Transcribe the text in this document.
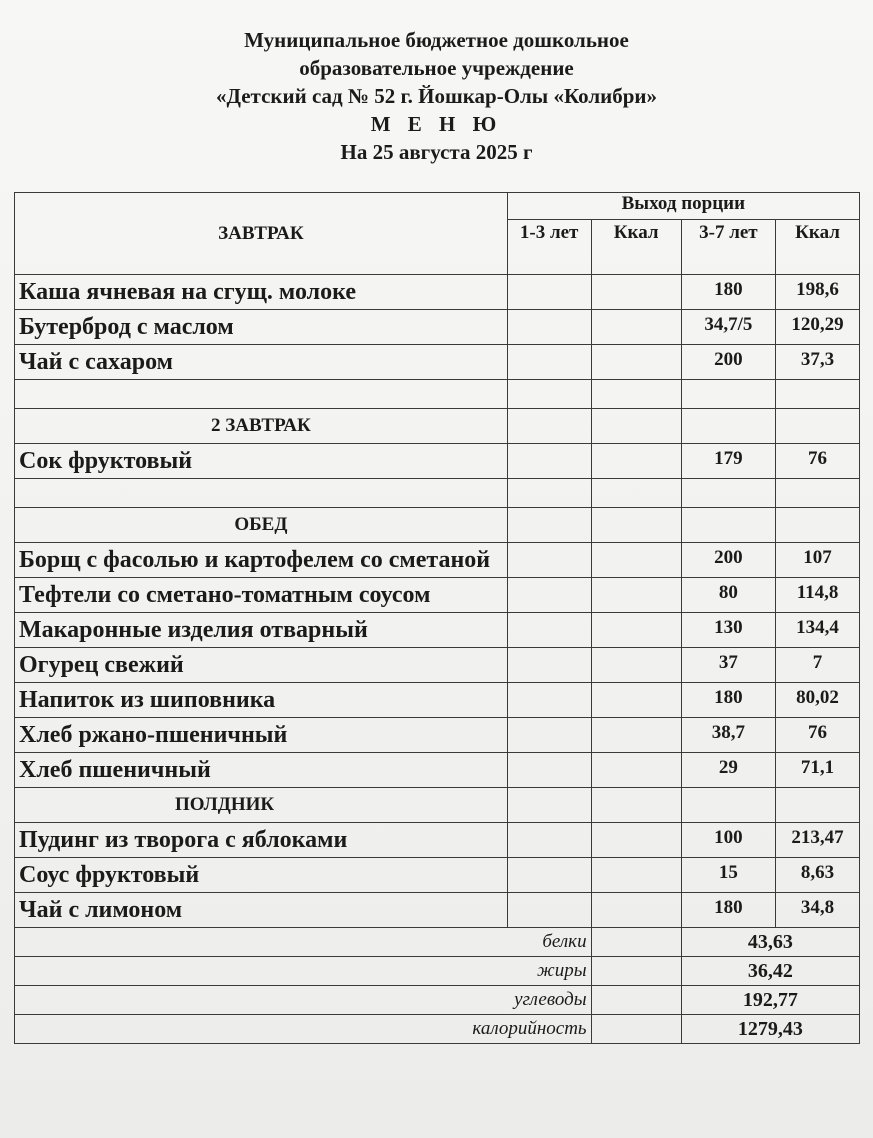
Муниципальное бюджетное дошкольное
образовательное учреждение
«Детский сад № 52 г. Йошкар-Олы «Колибри»
М Е Н Ю
На 25 августа 2025 г
ЗАВТРАК	Выход порции			
	1-3 лет	Ккал	3-7 лет	Ккал
Каша ячневая на сгущ. молоке			180	198,6
Бутерброд с маслом			34,7/5	120,29
Чай с сахаром			200	37,3

2 ЗАВТРАК				
Сок фруктовый			179	76

ОБЕД				
Борщ с фасолью и картофелем со сметаной			200	107
Тефтели со сметано-томатным соусом			80	114,8
Макаронные изделия отварный			130	134,4
Огурец свежий			37	7
Напиток из шиповника			180	80,02
Хлеб ржано-пшеничный			38,7	76
Хлеб пшеничный			29	71,1
ПОЛДНИК				
Пудинг из творога с яблоками			100	213,47
Соус фруктовый			15	8,63
Чай с лимоном			180	34,8
белки			43,63	
жиры			36,42	
углеводы			192,77	
калорийность			1279,43	
